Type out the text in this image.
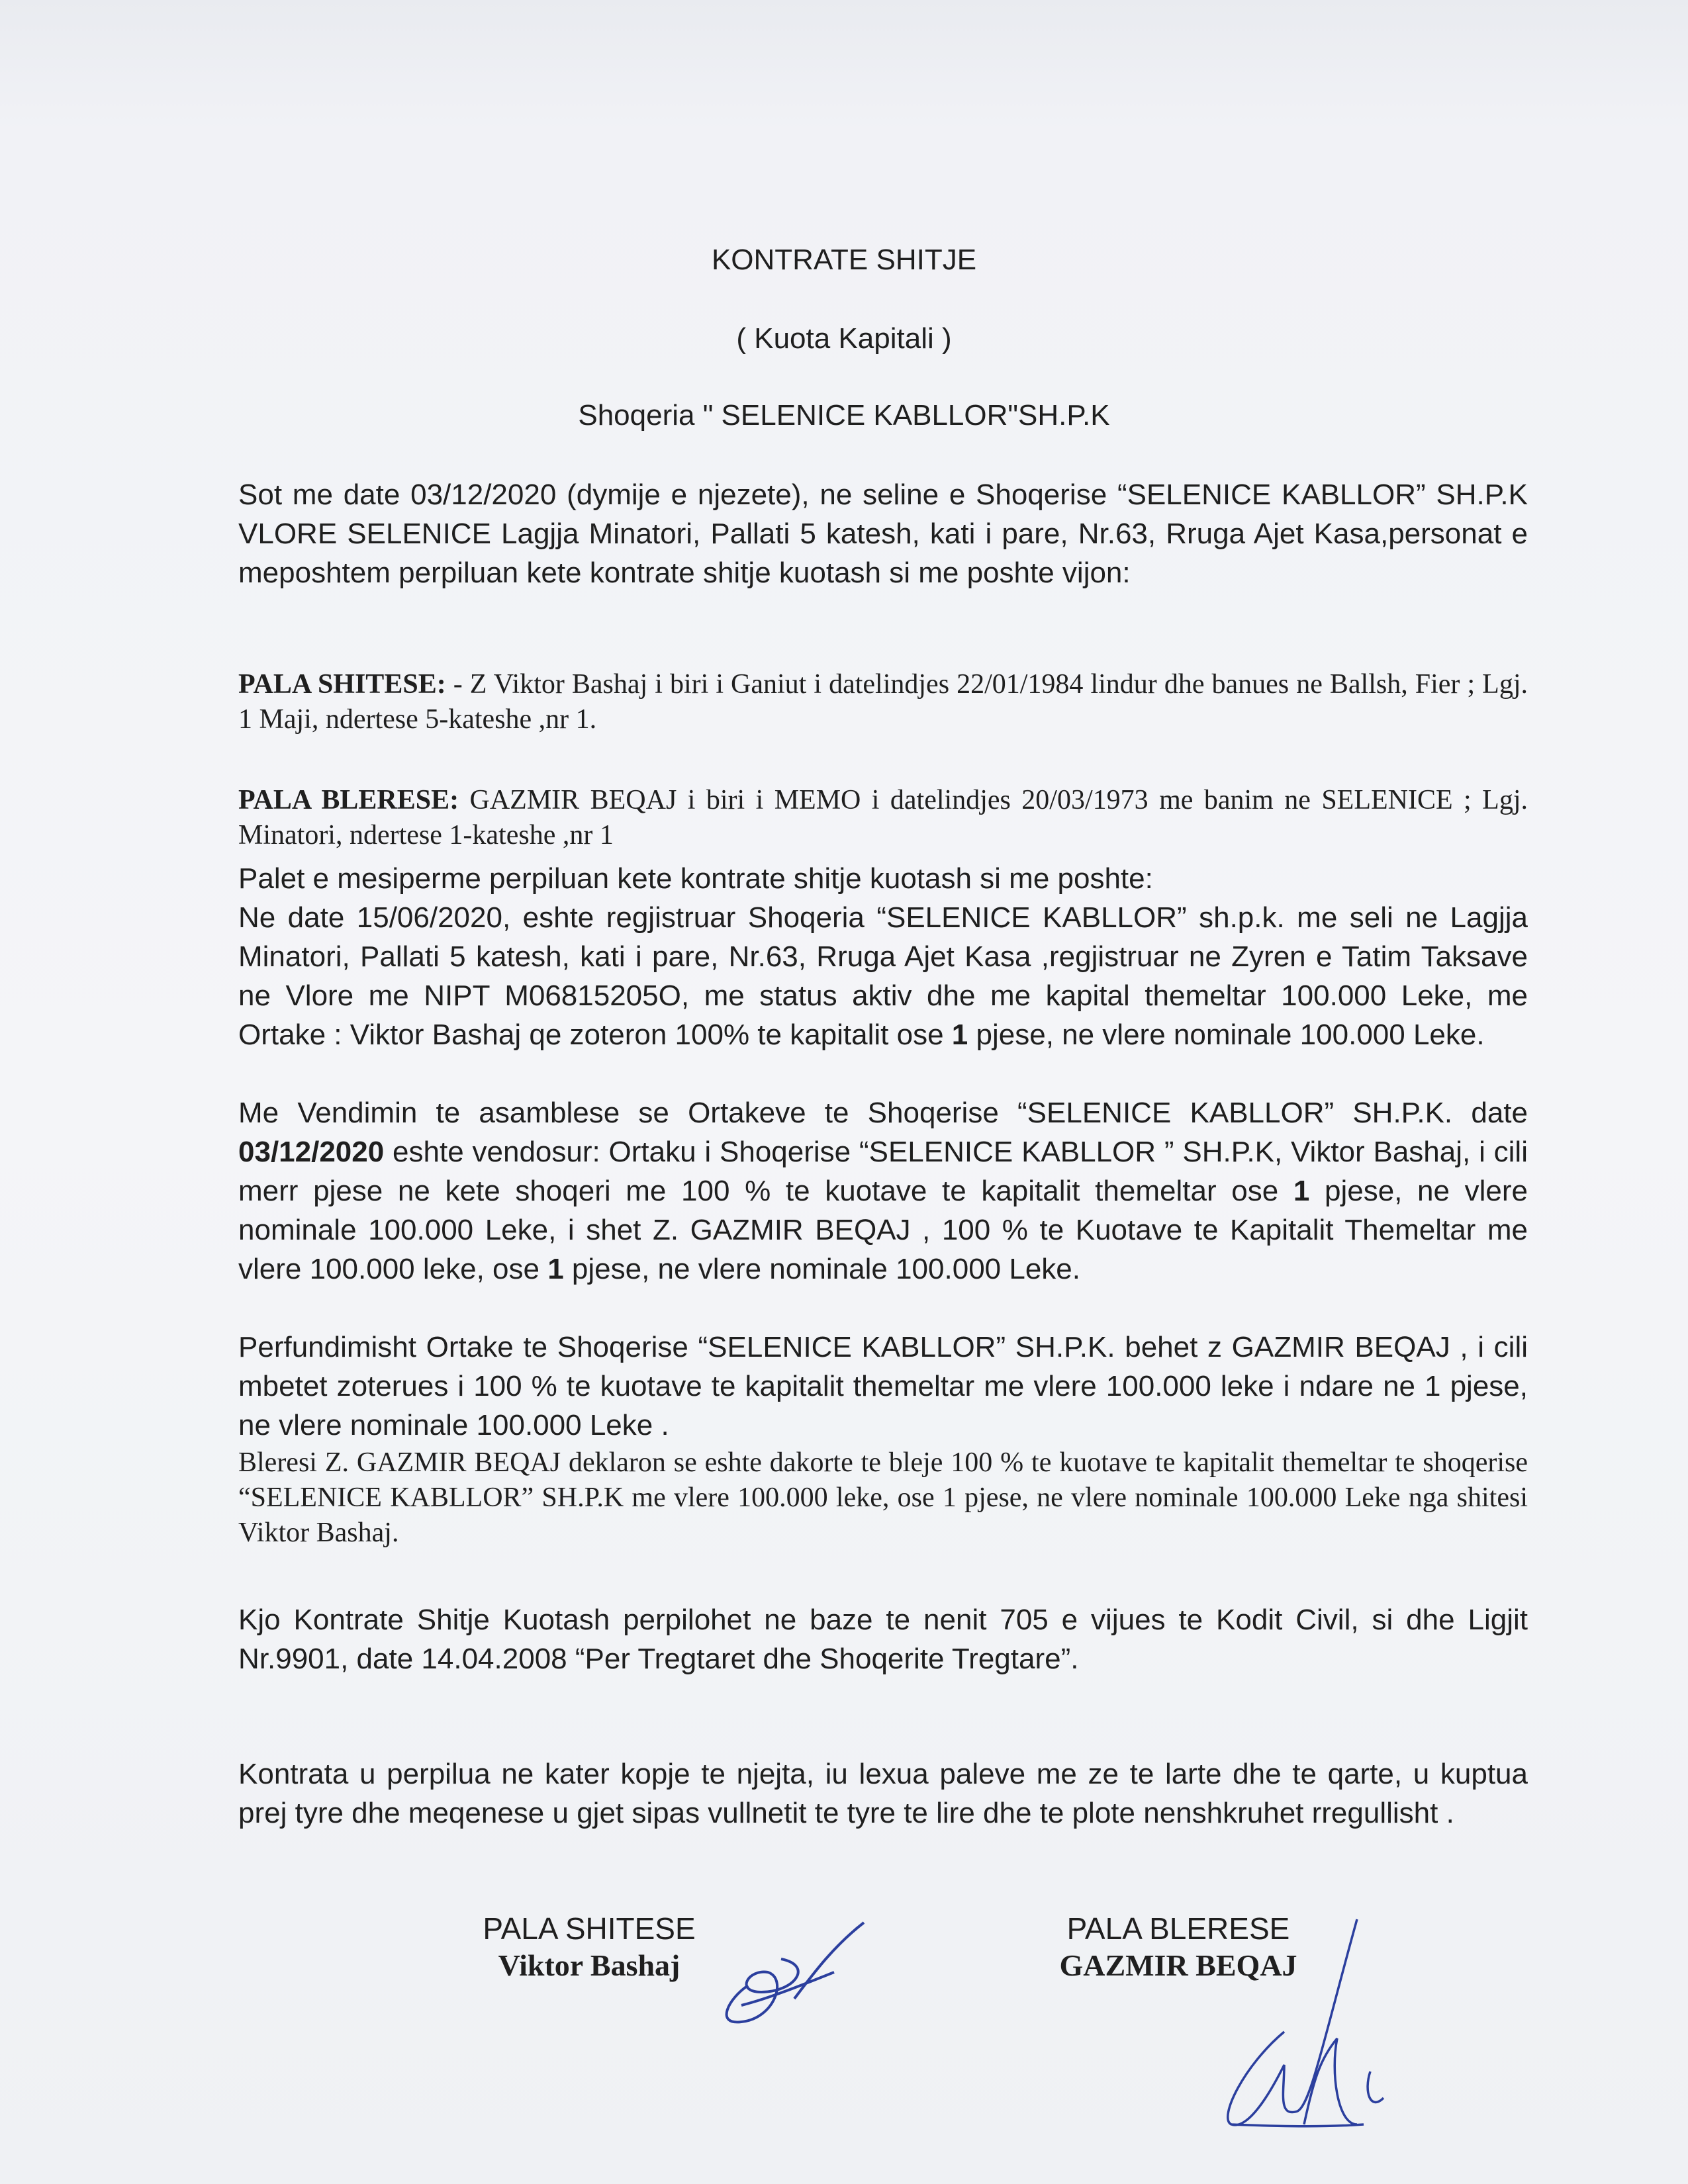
KONTRATE SHITJE
( Kuota Kapitali )
Shoqeria " SELENICE KABLLOR"SH.P.K
Sot me date 03/12/2020 (dymije e njezete), ne seline e Shoqerise “SELENICE KABLLOR” SH.P.K VLORE SELENICE Lagjja Minatori, Pallati 5 katesh, kati i pare, Nr.63, Rruga Ajet Kasa,personat e meposhtem perpiluan kete kontrate shitje kuotash si me poshte vijon:
PALA SHITESE: - Z Viktor Bashaj i biri i Ganiut i datelindjes 22/01/1984 lindur dhe banues ne Ballsh, Fier ; Lgj. 1 Maji, ndertese 5-kateshe ,nr 1.
PALA BLERESE: GAZMIR BEQAJ i biri i MEMO i datelindjes 20/03/1973 me banim ne SELENICE ; Lgj. Minatori, ndertese 1-kateshe ,nr 1
Palet e mesiperme perpiluan kete kontrate shitje kuotash si me poshte:
Ne date 15/06/2020, eshte regjistruar Shoqeria “SELENICE KABLLOR” sh.p.k. me seli ne Lagjja Minatori, Pallati 5 katesh, kati i pare, Nr.63, Rruga Ajet Kasa ,regjistruar ne Zyren e Tatim Taksave ne Vlore me NIPT M06815205O, me status aktiv dhe me kapital themeltar 100.000 Leke, me Ortake : Viktor Bashaj qe zoteron 100% te kapitalit ose 1 pjese, ne vlere nominale 100.000 Leke.
Me Vendimin te asamblese se Ortakeve te Shoqerise “SELENICE KABLLOR” SH.P.K. date 03/12/2020 eshte vendosur: Ortaku i Shoqerise “SELENICE KABLLOR ” SH.P.K, Viktor Bashaj, i cili merr pjese ne kete shoqeri me 100 % te kuotave te kapitalit themeltar ose 1 pjese, ne vlere nominale 100.000 Leke, i shet Z. GAZMIR BEQAJ , 100 % te Kuotave te Kapitalit Themeltar me vlere 100.000 leke, ose 1 pjese, ne vlere nominale 100.000 Leke.
Perfundimisht Ortake te Shoqerise “SELENICE KABLLOR” SH.P.K. behet z GAZMIR BEQAJ , i cili mbetet zoterues i 100 % te kuotave te kapitalit themeltar me vlere 100.000 leke i ndare ne 1 pjese, ne vlere nominale 100.000 Leke .
Bleresi Z. GAZMIR BEQAJ deklaron se eshte dakorte te bleje 100 % te kuotave te kapitalit themeltar te shoqerise “SELENICE KABLLOR” SH.P.K me vlere 100.000 leke, ose 1 pjese, ne vlere nominale 100.000 Leke nga shitesi Viktor Bashaj.
Kjo Kontrate Shitje Kuotash perpilohet ne baze te nenit 705 e vijues te Kodit Civil, si dhe Ligjit Nr.9901, date 14.04.2008 “Per Tregtaret dhe Shoqerite Tregtare”.
Kontrata u perpilua ne kater kopje te njejta, iu lexua paleve me ze te larte dhe te qarte, u kuptua prej tyre dhe meqenese u gjet sipas vullnetit te tyre te lire dhe te plote nenshkruhet rregullisht .
PALA SHITESE
Viktor Bashaj
PALA BLERESE
GAZMIR BEQAJ
